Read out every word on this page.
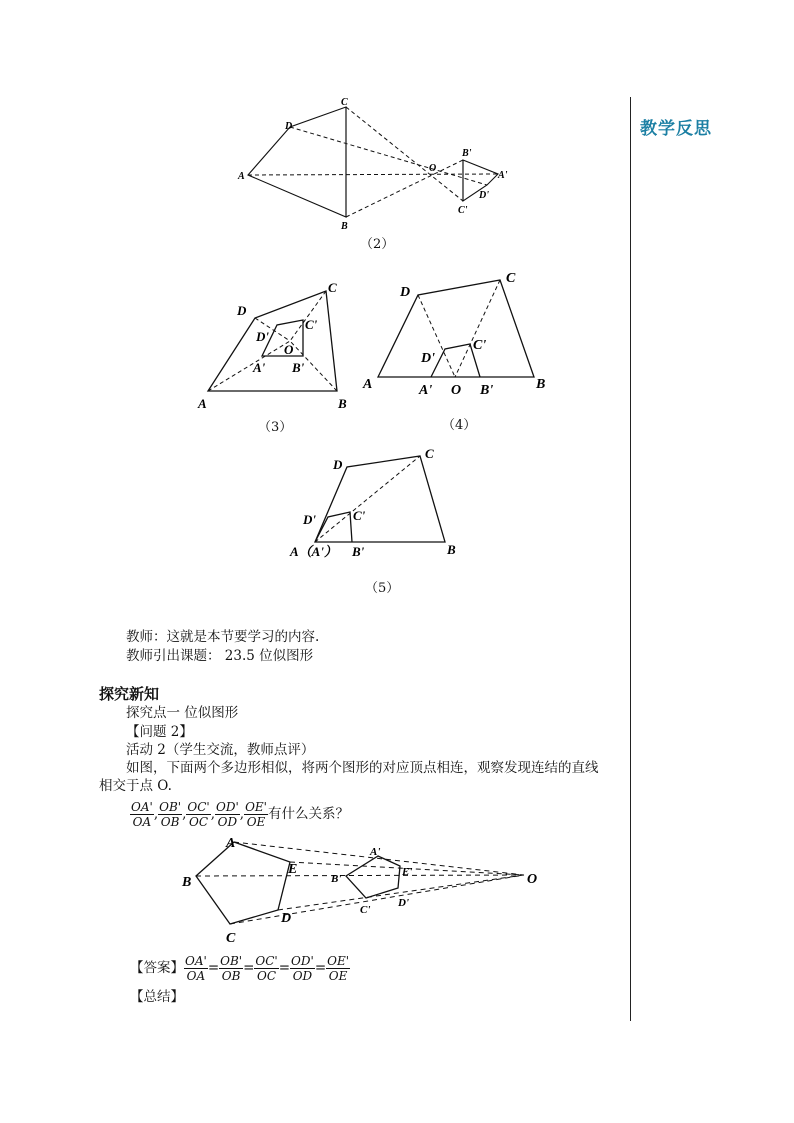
教学反思
A
D
C
B
O
B'
A'
C'
D'
（2）
A	B
C
D
O
D'
C'
A' B'
（3）
A	B
C
D
D'
C'
A' O B'
（4）
A（A'）	B
C
D
D'	C'
B'
（5）
教师：这就是本节要学习的内容.
教师引出课题： 23.5 位似图形
探究新知
探究点一 位似图形
【问题 2】
活动 2（学生交流，教师点评）
如图，下面两个多边形相似，将两个图形的对应顶点相连，观察发现连结的直线
相交于点 O.
$\frac{OA'}{OA}$ , $\frac{OB'}{OB}$ , $\frac{OC'}{OC}$ , $\frac{OD'}{OD}$ , $\frac{OE'}{OE}$ 有什么关系？
A
E
B
D
C
O
A'
E'
B'
D'
C'
【答案】 $\frac{OA'}{OA} = \frac{OB'}{OB} = \frac{OC'}{OC} = \frac{OD'}{OD} = \frac{OE'}{OE}$
【总结】
